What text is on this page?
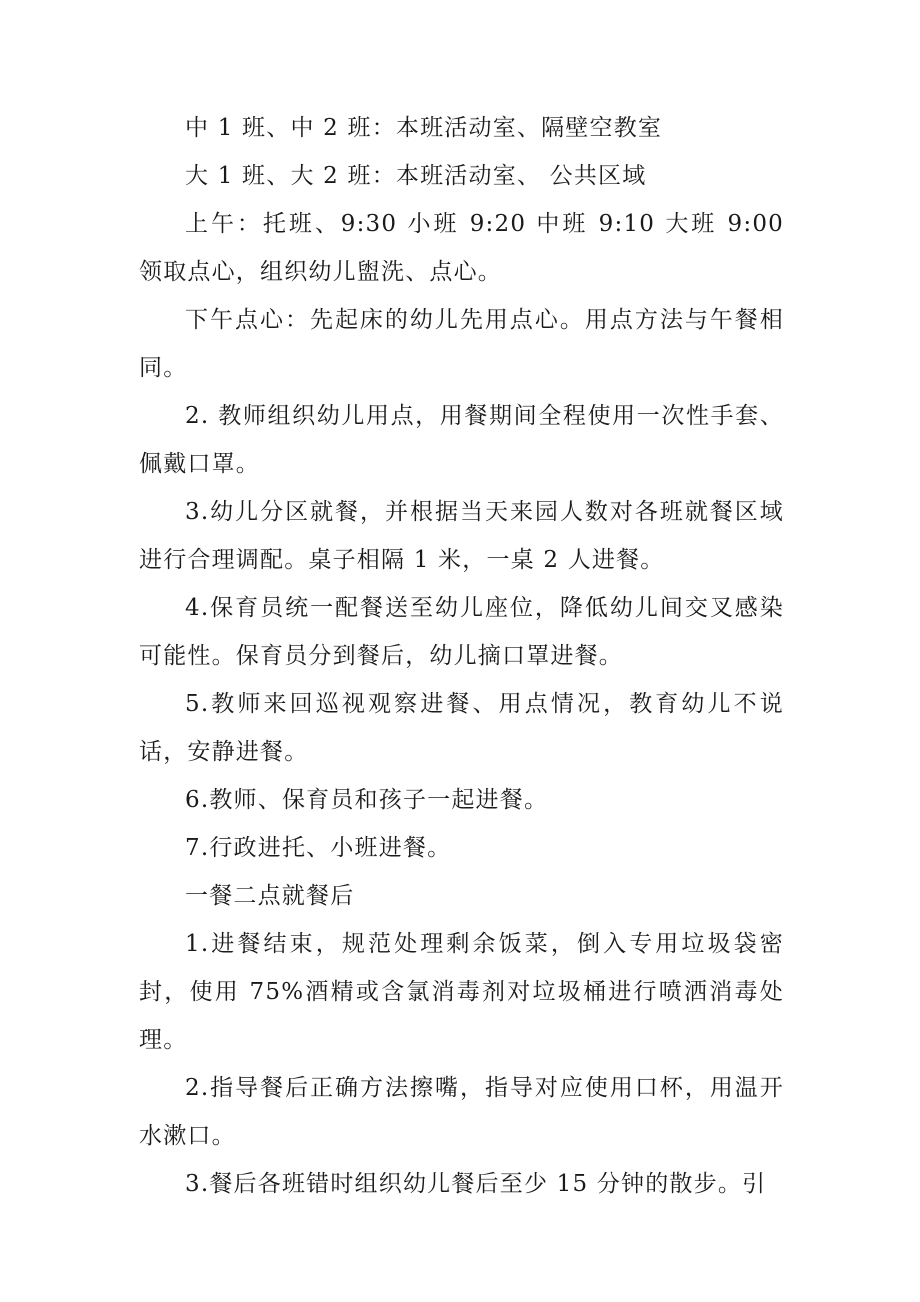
中 1 班、中 2 班：本班活动室、隔壁空教室

大 1 班、大 2 班：本班活动室、 公共区域

上午：托班、9:30 小班 9:20 中班 9:10 大班 9:00 领取点心，组织幼儿盥洗、点心。

下午点心：先起床的幼儿先用点心。用点方法与午餐相同。

2. 教师组织幼儿用点，用餐期间全程使用一次性手套、佩戴口罩。

3.幼儿分区就餐，并根据当天来园人数对各班就餐区域进行合理调配。桌子相隔 1 米，一桌 2 人进餐。

4.保育员统一配餐送至幼儿座位，降低幼儿间交叉感染可能性。保育员分到餐后，幼儿摘口罩进餐。

5.教师来回巡视观察进餐、用点情况，教育幼儿不说话，安静进餐。

6.教师、保育员和孩子一起进餐。

7.行政进托、小班进餐。

一餐二点就餐后

1.进餐结束，规范处理剩余饭菜，倒入专用垃圾袋密封，使用 75%酒精或含氯消毒剂对垃圾桶进行喷洒消毒处理。

2.指导餐后正确方法擦嘴，指导对应使用口杯，用温开水漱口。

3.餐后各班错时组织幼儿餐后至少 15 分钟的散步。引
